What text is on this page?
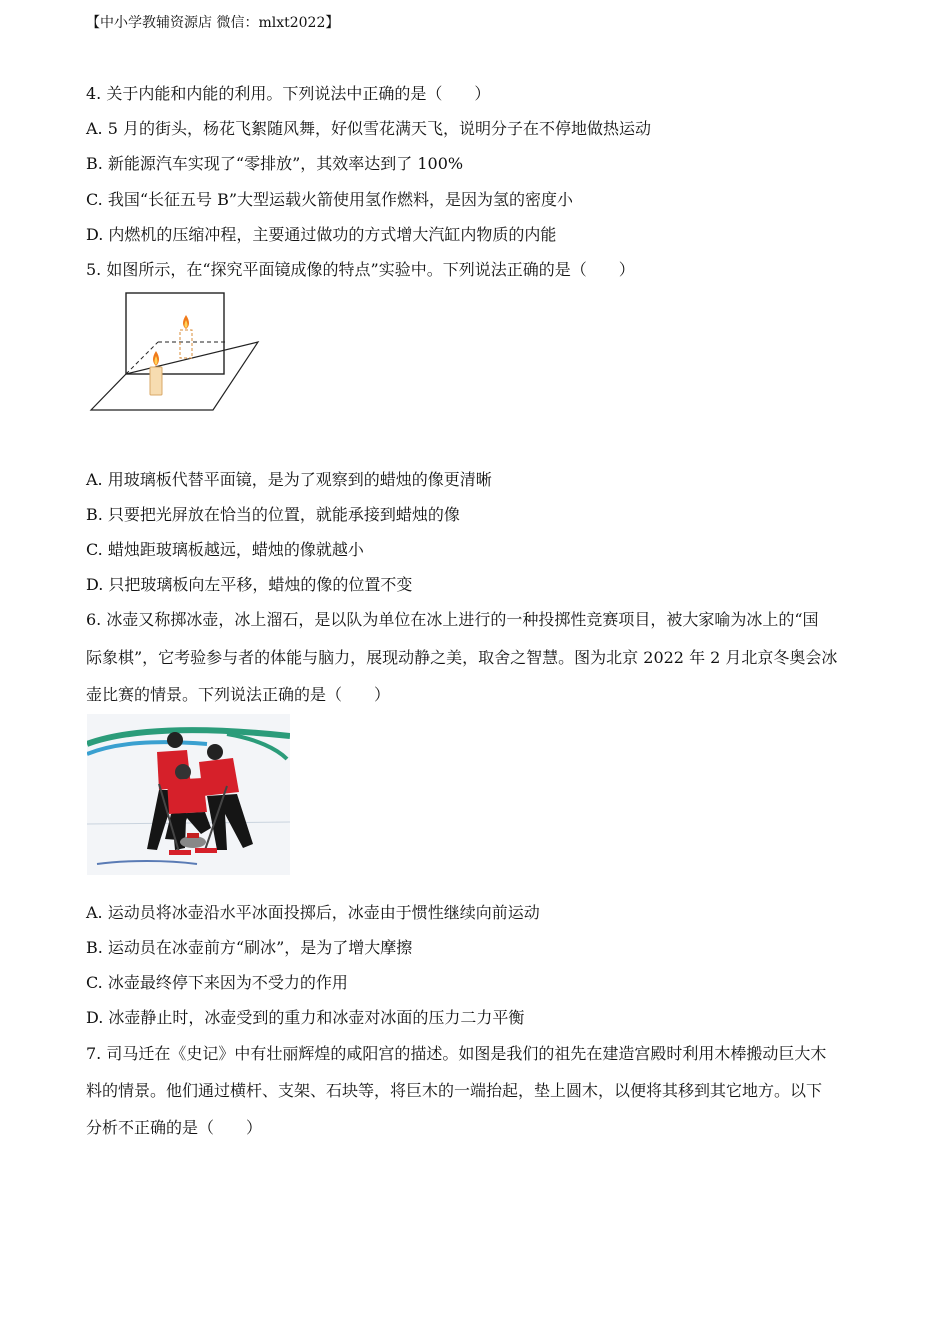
【中小学教辅资源店 微信：mlxt2022】
4. 关于内能和内能的利用。下列说法中正确的是（　　）
A. 5 月的街头，杨花飞絮随风舞，好似雪花满天飞，说明分子在不停地做热运动
B. 新能源汽车实现了“零排放”，其效率达到了 100%
C. 我国“长征五号 B”大型运载火箭使用氢作燃料，是因为氢的密度小
D. 内燃机的压缩冲程，主要通过做功的方式增大汽缸内物质的内能
5. 如图所示，在“探究平面镜成像的特点”实验中。下列说法正确的是（　　）
A. 用玻璃板代替平面镜，是为了观察到的蜡烛的像更清晰
B. 只要把光屏放在恰当的位置，就能承接到蜡烛的像
C. 蜡烛距玻璃板越远，蜡烛的像就越小
D. 只把玻璃板向左平移，蜡烛的像的位置不变
6. 冰壶又称掷冰壶，冰上溜石，是以队为单位在冰上进行的一种投掷性竞赛项目，被大家喻为冰上的“国
际象棋”，它考验参与者的体能与脑力，展现动静之美，取舍之智慧。图为北京 2022 年 2 月北京冬奥会冰
壶比赛的情景。下列说法正确的是（　　）
A. 运动员将冰壶沿水平冰面投掷后，冰壶由于惯性继续向前运动
B. 运动员在冰壶前方“刷冰”，是为了增大摩擦
C. 冰壶最终停下来因为不受力的作用
D. 冰壶静止时，冰壶受到的重力和冰壶对冰面的压力二力平衡
7. 司马迁在《史记》中有壮丽辉煌的咸阳宫的描述。如图是我们的祖先在建造宫殿时利用木棒搬动巨大木
料的情景。他们通过横杆、支架、石块等，将巨木的一端抬起，垫上圆木，以便将其移到其它地方。以下
分析不正确的是（　　）
